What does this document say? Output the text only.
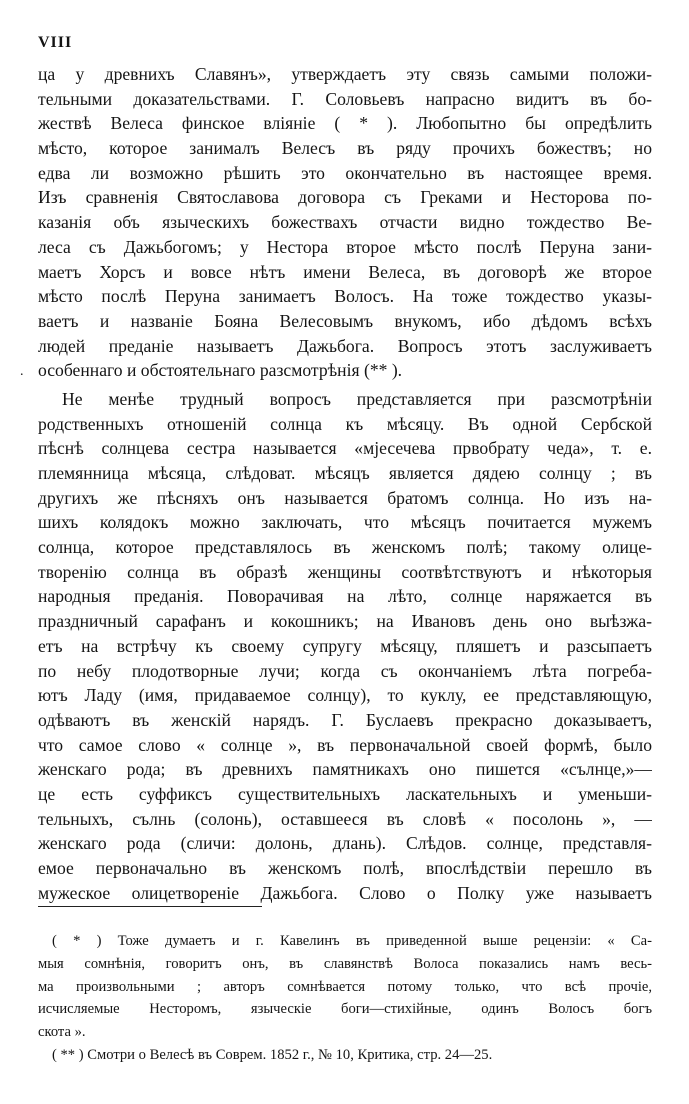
VIII
.
ца у древнихъ Славянъ», утверждаетъ эту связь самыми положи-
тельными доказательствами. Г. Соловьевъ напрасно видитъ въ бо-
жествѣ Велеса финское вліяніе ( * ). Любопытно бы опредѣлить
мѣсто, которое занималъ Велесъ въ ряду прочихъ божествъ; но
едва ли возможно рѣшить это окончательно въ настоящее время.
Изъ сравненія Святославова договора съ Греками и Несторова по-
казанія объ языческихъ божествахъ отчасти видно тождество Ве-
леса съ Дажьбогомъ; у Нестора второе мѣсто послѣ Перуна зани-
маетъ Хорсъ и вовсе нѣтъ имени Велеса, въ договорѣ же второе
мѣсто послѣ Перуна занимаетъ Волосъ. На тоже тождество указы-
ваетъ и названіе Бояна Велесовымъ внукомъ, ибо дѣдомъ всѣхъ
людей преданіе называетъ Дажьбога. Вопросъ этотъ заслуживаетъ
особеннаго и обстоятельнаго разсмотрѣнія (** ).
Не менѣе трудный вопросъ представляется при разсмотрѣніи
родственныхъ отношеній солнца къ мѣсяцу. Въ одной Сербской
пѣснѣ солнцева сестра называется «мјесечева првобрату чеда», т. е.
племянница мѣсяца, слѣдоват. мѣсяцъ является дядею солнцу ; въ
другихъ же пѣсняхъ онъ называется братомъ солнца. Но изъ на-
шихъ колядокъ можно заключать, что мѣсяцъ почитается мужемъ
солнца, которое представлялось въ женскомъ полѣ; такому олице-
творенію солнца въ образѣ женщины соотвѣтствуютъ и нѣкоторыя
народныя преданія. Поворачивая на лѣто, солнце наряжается въ
праздничный сарафанъ и кокошникъ; на Ивановъ день оно выѣзжа-
етъ на встрѣчу къ своему супругу мѣсяцу, пляшетъ и разсыпаетъ
по небу плодотворные лучи; когда съ окончаніемъ лѣта погреба-
ютъ Ладу (имя, придаваемое солнцу), то куклу, ее представляющую,
одѣваютъ въ женскій нарядъ. Г. Буслаевъ прекрасно доказываетъ,
что самое слово « солнце », въ первоначальной своей формѣ, было
женскаго рода; въ древнихъ памятникахъ оно пишется «сълнце,»—
це есть суффиксъ существительныхъ ласкательныхъ и уменьши-
тельныхъ, сълнь (солонь), оставшееся въ словѣ « посолонь », —
женскаго рода (сличи: долонь, длань). Слѣдов. солнце, представля-
емое первоначально въ женскомъ полѣ, впослѣдствіи перешло въ
мужеское олицетвореніе Дажьбога. Слово о Полку уже называетъ
( * ) Тоже думаетъ и г. Кавелинъ въ приведенной выше рецензіи: « Са-
мыя сомнѣнія, говоритъ онъ, въ славянствѣ Волоса показались намъ весь-
ма произвольными ; авторъ сомнѣвается потому только, что всѣ прочіе,
исчисляемые Несторомъ, языческіе боги—стихійные, одинъ Волосъ богъ
скота ».
( ** ) Смотри о Велесѣ въ Соврем. 1852 г., № 10, Критика, стр. 24—25.
